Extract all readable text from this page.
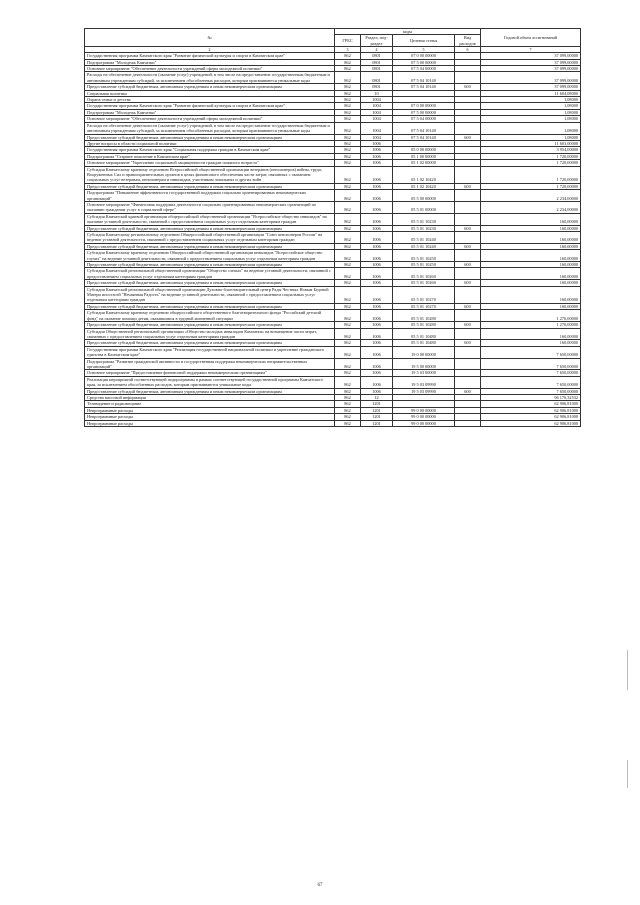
№	коды				Годовой объем ассигнований
	ГРБС	Раздел, под-раздел	Целевая статья	Вид расходов	
2	3	4	5	6	7
Государственная программа Камчатского края "Развитие физической культуры и спорта в Камчатском крае"	862	0801	07 0 00 00000		37 099,00000
Подпрограмма "Молодежь Камчатки"	862	0801	07 5 00 00000		37 099,00000
Основное мероприятие "Обеспечение деятельности учреждений сферы молодежной политики"	862	0801	07 5 04 00000		37 099,00000
Расходы на обеспечение деятельности (оказание услуг) учреждений, в том числе на предоставление государственным бюджетным и автономным учреждениям субсидий, за исключением обособленных расходов, которым присваиваются уникальные коды	862	0801	07 5 04 10140		37 099,00000
Предоставление субсидий бюджетным, автономным учреждениям и иным некоммерческим организациям	862	0801	07 5 04 10140	600	37 099,00000
Социальная политика	862	10			11 604,08000
Охрана семьи и детства	862	1004			1,08000
Государственная программа Камчатского края "Развитие физической культуры и спорта в Камчатском крае"	862	1004	07 0 00 00000		1,08000
Подпрограмма "Молодежь Камчатки"	862	1004	07 5 00 00000		1,08000
Основное мероприятие "Обеспечение деятельности учреждений сферы молодежной политики"	862	1004	07 5 04 00000		1,08000
Расходы на обеспечение деятельности (оказание услуг) учреждений, в том числе на предоставление государственным бюджетным и автономным учреждениям субсидий, за исключением обособленных расходов, которым присваиваются уникальные коды	862	1004	07 5 04 10140		1,08000
Предоставление субсидий бюджетным, автономным учреждениям и иным некоммерческим организациям	862	1004	07 5 04 10140	600	1,08000
Другие вопросы в области социальной политики	862	1006			11 603,00000
Государственная программа Камчатского края "Социальная поддержка граждан в Камчатском крае"	862	1006	05 0 00 00000		3 954,00000
Подпрограмма "Старшее поколение в Камчатском крае"	862	1006	05 1 00 00000		1 720,00000
Основное мероприятие "Укрепление социальной защищенности граждан пожилого возраста"	862	1006	05 1 02 00000		1 720,00000
Субсидия Камчатскому краевому отделению Всероссийской общественной организации ветеранов (пенсионеров) войны, труда, Вооруженных Сил и правоохранительных органов в целях финансового обеспечения части затрат, связанных с оказанием социальных услуг ветеранам, пенсионерам и инвалидам, участникам локальных и других войн	862	1006	05 1 02 10420		1 720,00000
Предоставление субсидий бюджетным, автономным учреждениям и иным некоммерческим организациям	862	1006	05 1 02 10420	600	1 720,00000
Подпрограмма "Повышение эффективности государственной поддержки социально ориентированных некоммерческих организаций"	862	1006	05 5 00 00000		2 234,00000
Основное мероприятие "Финансовая поддержка деятельности социально ориентированных некоммерческих организаций по оказанию гражданам услуг в социальной сфере"	862	1006	05 5 01 00000		2 234,00000
Субсидия Камчатской краевой организации общероссийской общественной организации "Всероссийское общество инвалидов" на оказание уставной деятельности, связанной с предоставлением социальных услуг отдельным категориям граждан	862	1006	05 5 01 10230		160,00000
Предоставление субсидий бюджетным, автономным учреждениям и иным некоммерческим организациям	862	1006	05 5 01 10230	600	160,00000
Субсидия Камчатскому региональному отделению Общероссийской общественной организации "Союз пенсионеров России" на ведение уставной деятельности, связанной с предоставлением социальных услуг отдельным категориям граждан	862	1006	05 5 01 10240		160,00000
Предоставление субсидий бюджетным, автономным учреждениям и иным некоммерческим организациям	862	1006	05 5 01 10240	600	160,00000
Субсидия Камчатскому краевому отделению Общероссийской общественной организации инвалидов "Всероссийское общество глухих" на ведение уставной деятельности, связанной с предоставлением социальных услуг отдельным категориям граждан	862	1006	05 5 01 10250		160,00000
Предоставление субсидий бюджетным, автономным учреждениям и иным некоммерческим организациям	862	1006	05 5 01 10250	600	160,00000
Субсидия Камчатской региональной общественной организации "Общество слепых" на ведение уставной деятельности, связанной с предоставлением социальных услуг отдельным категориям граждан	862	1006	05 5 01 10260		160,00000
Предоставление субсидий бюджетным, автономным учреждениям и иным некоммерческим организациям	862	1006	05 5 01 10260	600	160,00000
Субсидия Камчатской региональной общественной организации Духовно-благотворительный центр Рады Честных Новым Бедовой Матери ипостасей "Нечаянная Радость" на ведение уставной деятельности, связанной с предоставлением социальных услуг отдельным категориям граждан	862	1006	05 5 01 10270		160,00000
Предоставление субсидий бюджетным, автономным учреждениям и иным некоммерческим организациям	862	1006	05 5 01 10270	600	160,00000
Субсидия Камчатскому краевому отделению общероссийского общественного благотворительного фонда "Российский детский фонд" на оказание помощи детям, оказавшимся в трудной жизненной ситуации	862	1006	05 5 01 10280		1 276,00000
Предоставление субсидий бюджетным, автономным учреждениям и иным некоммерческим организациям	862	1006	05 5 01 10280	600	1 276,00000
Субсидия Общественной региональной организации «Общество молодых инвалидов Камчатки» на возмещение части затрат, связанных с предоставлением социальных услуг отдельным категориям граждан	862	1006	05 5 01 10480		160,00000
Предоставление субсидий бюджетным, автономным учреждениям и иным некоммерческим организациям	862	1006	05 5 01 10480	600	160,00000
Государственная программа Камчатского края "Реализация государственной национальной политики и укрепление гражданского единства в Камчатском крае"	862	1006	19 0 00 00000		7 650,00000
Подпрограмма "Развитие гражданской активности и государственная поддержка некоммерческих неправительственных организаций"	862	1006	19 5 00 00000		7 650,00000
Основное мероприятие "Предоставление финансовой поддержки некоммерческим организациям"	862	1006	19 5 03 00000		7 650,00000
Реализация мероприятий соответствующей подпрограммы в рамках соответствующей государственной программы Камчатского края, за исключением обособленных расходов, которым присваиваются уникальные коды	862	1006	19 5 03 09990		7 650,00000
Предоставление субсидий бюджетным, автономным учреждениям и иным некоммерческим организациям	862	1006	19 5 03 09990	600	7 650,00000
Средства массовой информации	862	12			96 176,32532
Телевидение и радиовещание	862	1201			62 906,81000
Непрограммные расходы	862	1201	99 0 00 00000		62 906,81000
Непрограммные расходы	862	1201	99 0 00 00000		62 906,81000
Непрограммные расходы	862	1201	99 0 00 00000		62 906,81000
67
